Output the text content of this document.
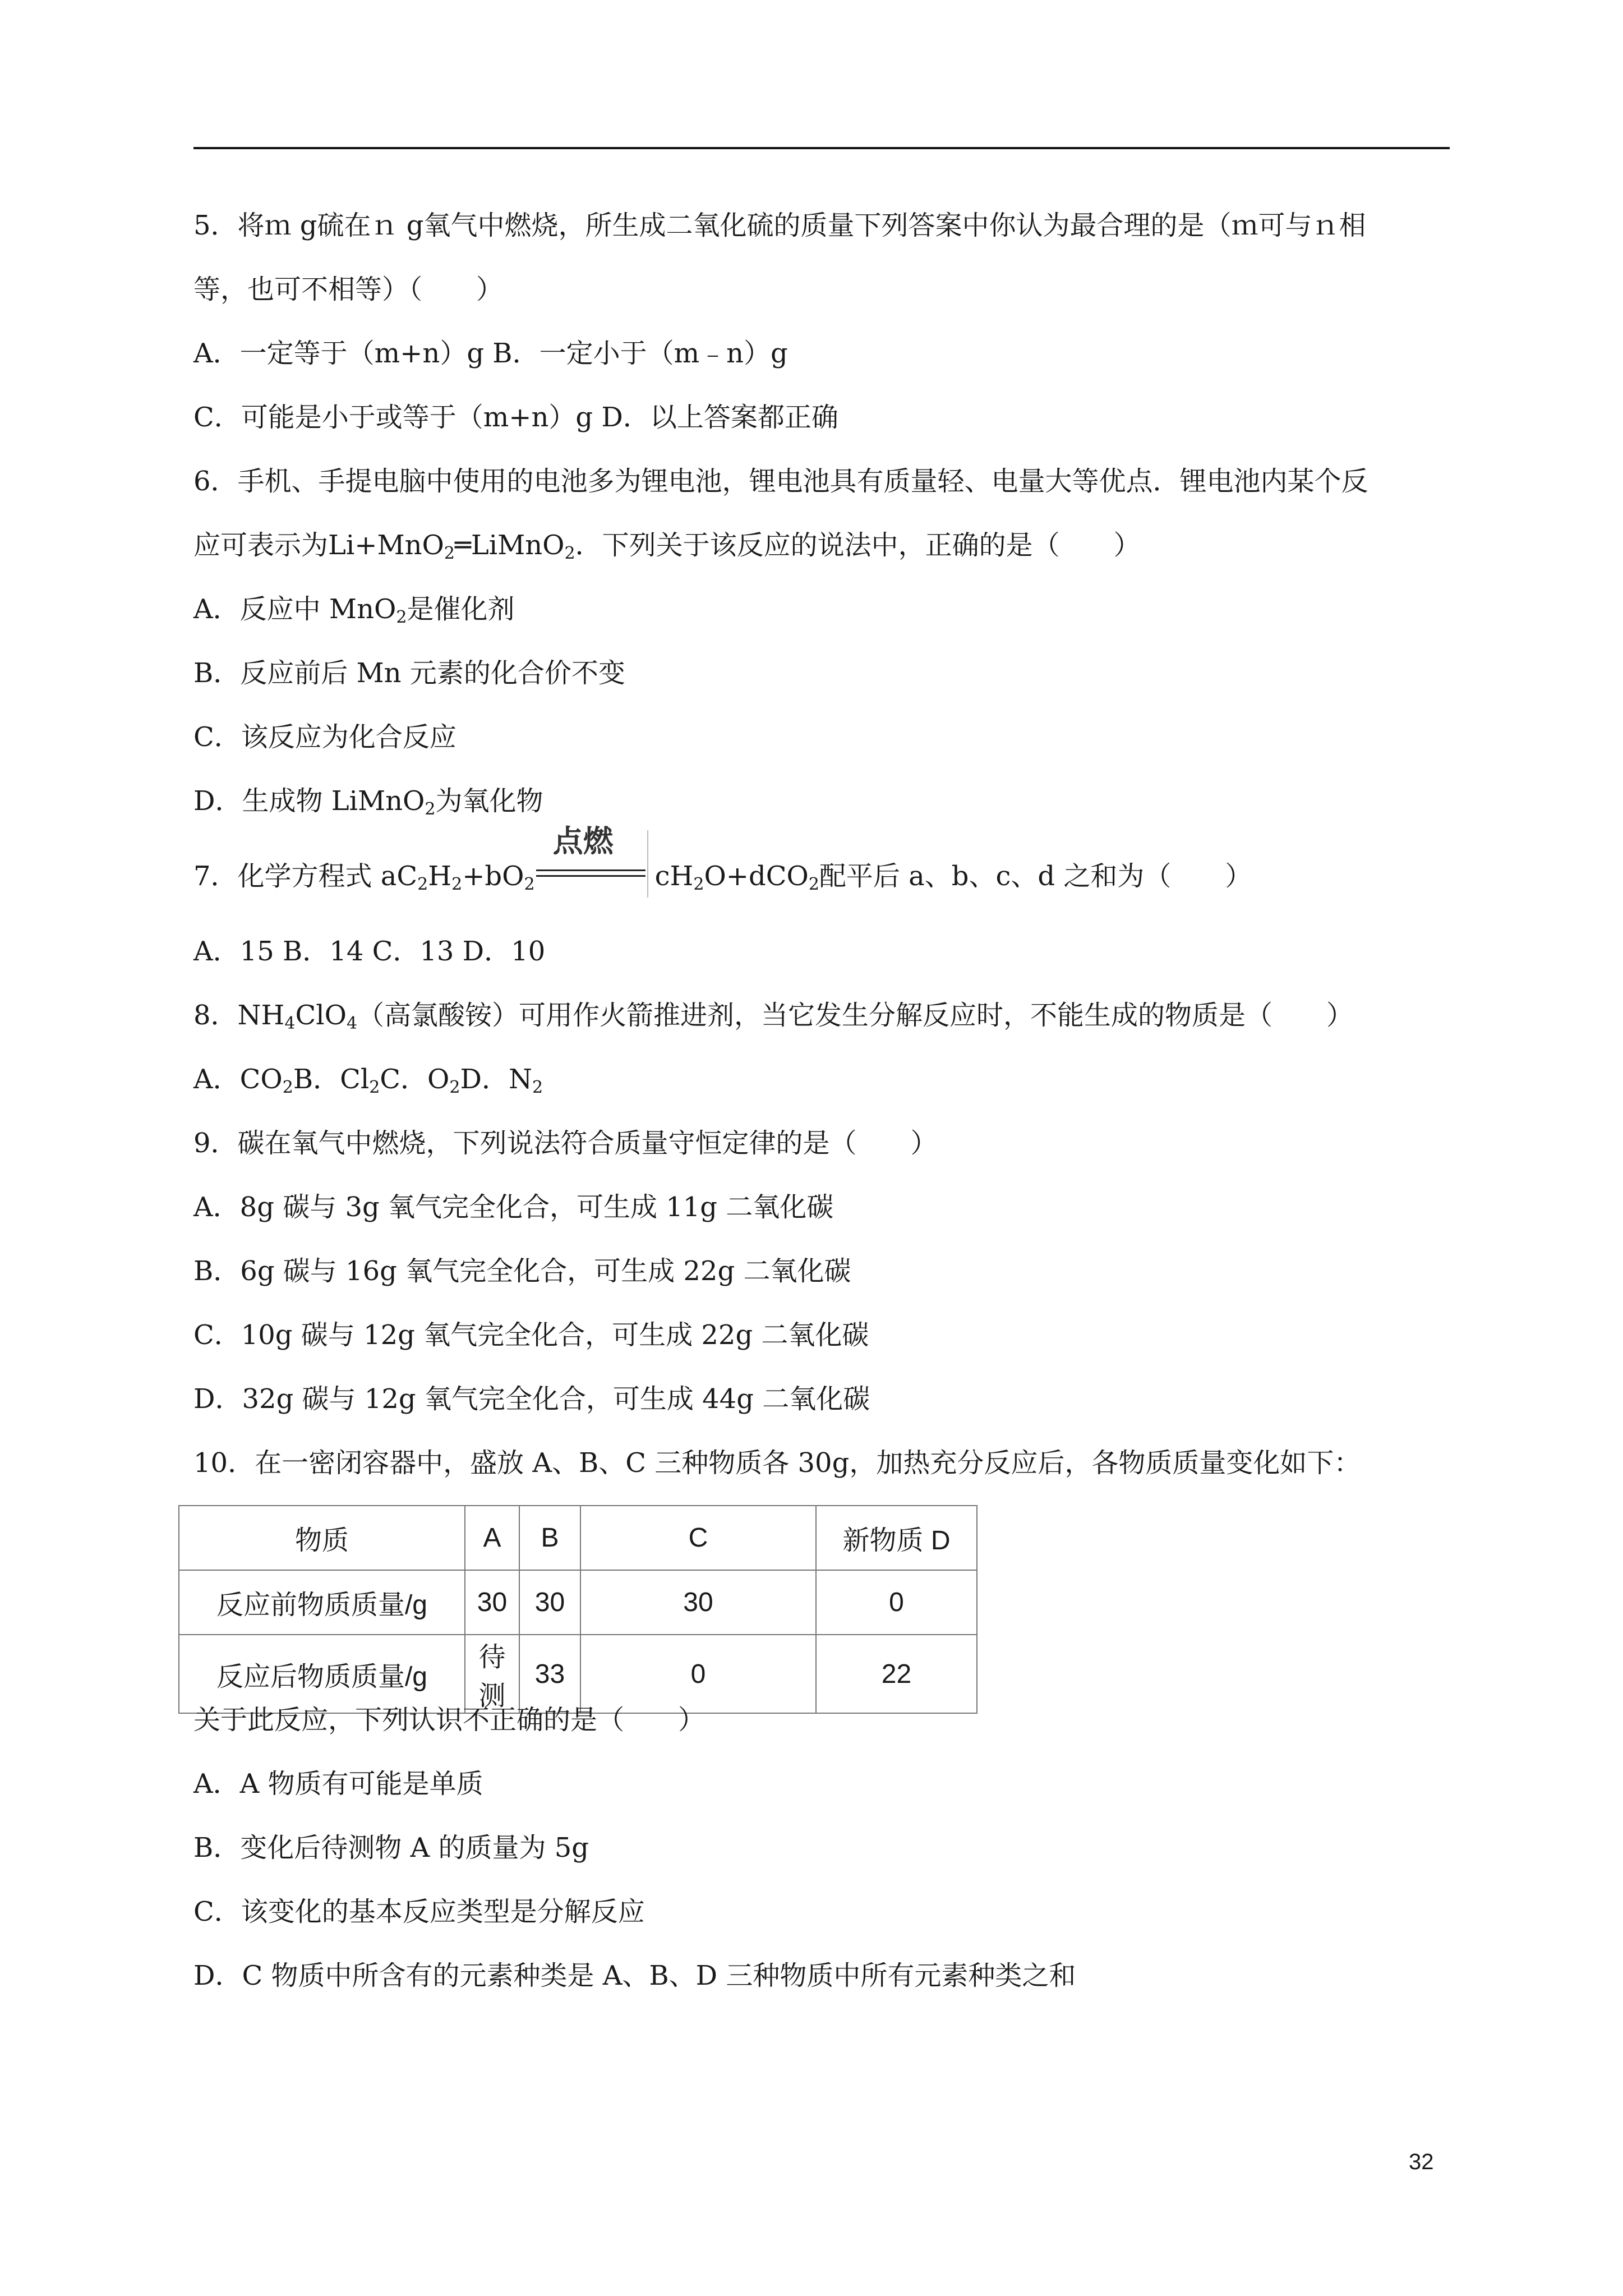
5．将ｍ g硫在ｎ g氧气中燃烧，所生成二氧化硫的质量下列答案中你认为最合理的是（ｍ可与ｎ相
等，也可不相等）（　　）
A．一定等于（m+n）g B．一定小于（m﹣n）g
C．可能是小于或等于（m+n）g D．以上答案都正确
6．手机、手提电脑中使用的电池多为锂电池，锂电池具有质量轻、电量大等优点．锂电池内某个反
应可表示为Li+MnO$_2$═LiMnO$_2$．下列关于该反应的说法中，正确的是（　　）
A．反应中 MnO$_2$是催化剂
B．反应前后 Mn 元素的化合价不变
C．该反应为化合反应
D．生成物 LiMnO$_2$为氧化物
7．化学方程式 $aC_2H_2+bO_2$
点燃
$cH_2O+dCO_2$配平后 a、b、c、d 之和为（　　）
A．15 B．14 C．13 D．10
8．$NH_4ClO_4$（高氯酸铵）可用作火箭推进剂，当它发生分解反应时，不能生成的物质是（　　）
A．$CO_2B$．$Cl_2C$．$O_2D$．$N_2$
9．碳在氧气中燃烧，下列说法符合质量守恒定律的是（　　）
A．8g 碳与 3g 氧气完全化合，可生成 11g 二氧化碳
B．6g 碳与 16g 氧气完全化合，可生成 22g 二氧化碳
C．10g 碳与 12g 氧气完全化合，可生成 22g 二氧化碳
D．32g 碳与 12g 氧气完全化合，可生成 44g 二氧化碳
10．在一密闭容器中，盛放 A、B、C 三种物质各 30g，加热充分反应后，各物质质量变化如下：
物质	A	B	C	新物质 D
反应前物质质量/g	30	30	30	0
反应后物质质量/g	待测	33	0	22
关于此反应，下列认识不正确的是（　　）
A．A 物质有可能是单质
B．变化后待测物 A 的质量为 5g
C．该变化的基本反应类型是分解反应
D．C 物质中所含有的元素种类是 A、B、D 三种物质中所有元素种类之和
32
